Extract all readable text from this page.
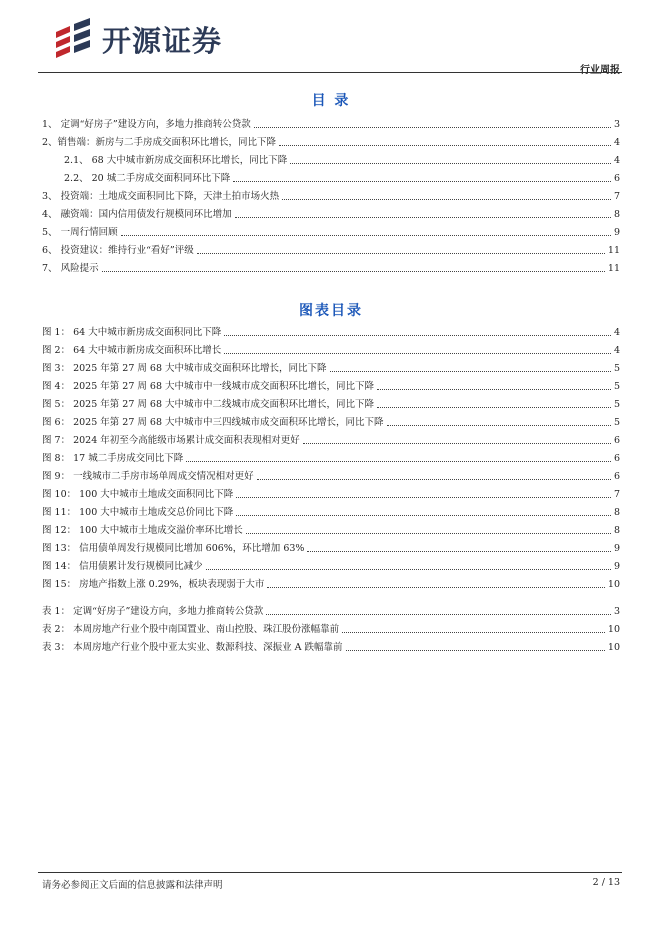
开源证券
行业周报
目 录
1、 定调“好房子”建设方向，多地力推商转公贷款	3
2、销售端：新房与二手房成交面积环比增长，同比下降	4
2.1、 68 大中城市新房成交面积环比增长，同比下降	4
2.2、 20 城二手房成交面积同环比下降	6
3、 投资端：土地成交面积同比下降，天津土拍市场火热	7
4、 融资端：国内信用债发行规模同环比增加	8
5、 一周行情回顾	9
6、 投资建议：维持行业“看好”评级	11
7、 风险提示	11
图表目录
图 1： 64 大中城市新房成交面积同比下降	4
图 2： 64 大中城市新房成交面积环比增长	4
图 3： 2025 年第 27 周 68 大中城市成交面积环比增长，同比下降	5
图 4： 2025 年第 27 周 68 大中城市中一线城市成交面积环比增长，同比下降	5
图 5： 2025 年第 27 周 68 大中城市中二线城市成交面积环比增长，同比下降	5
图 6： 2025 年第 27 周 68 大中城市中三四线城市成交面积环比增长，同比下降	5
图 7： 2024 年初至今高能级市场累计成交面积表现相对更好	6
图 8： 17 城二手房成交同比下降	6
图 9： 一线城市二手房市场单周成交情况相对更好	6
图 10： 100 大中城市土地成交面积同比下降	7
图 11： 100 大中城市土地成交总价同比下降	8
图 12： 100 大中城市土地成交溢价率环比增长	8
图 13： 信用债单周发行规模同比增加 606%，环比增加 63%	9
图 14： 信用债累计发行规模同比减少	9
图 15： 房地产指数上涨 0.29%，板块表现弱于大市	10
表 1： 定调“好房子”建设方向，多地力推商转公贷款	3
表 2： 本周房地产行业个股中南国置业、南山控股、珠江股份涨幅靠前	10
表 3： 本周房地产行业个股中亚太实业、数源科技、深振业 A 跌幅靠前	10
请务必参阅正文后面的信息披露和法律声明	2 / 13
